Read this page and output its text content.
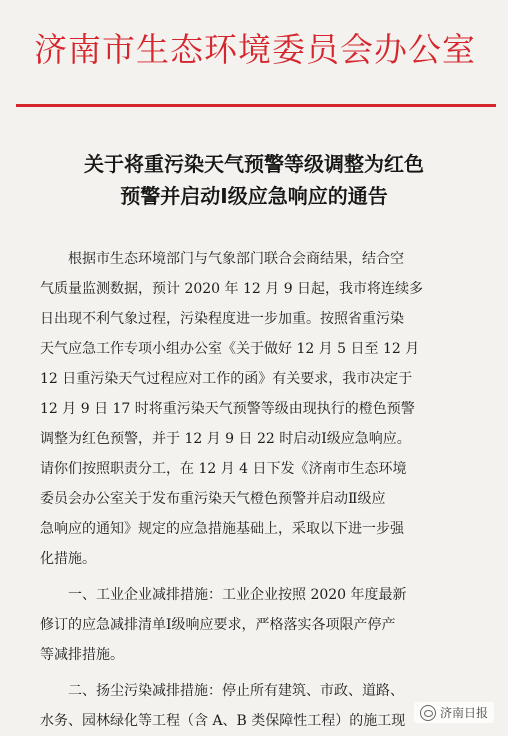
济南市生态环境委员会办公室
关于将重污染天气预警等级调整为红色
预警并启动Ⅰ级应急响应的通告
根据市生态环境部门与气象部门联合会商结果，结合空
气质量监测数据，预计 2020 年 12 月 9 日起，我市将连续多
日出现不利气象过程，污染程度进一步加重。按照省重污染
天气应急工作专项小组办公室《关于做好 12 月 5 日至 12 月
12 日重污染天气过程应对工作的函》有关要求，我市决定于
12 月 9 日 17 时将重污染天气预警等级由现执行的橙色预警
调整为红色预警，并于 12 月 9 日 22 时启动Ⅰ级应急响应。
请你们按照职责分工，在 12 月 4 日下发《济南市生态环境
委员会办公室关于发布重污染天气橙色预警并启动Ⅱ级应
急响应的通知》规定的应急措施基础上，采取以下进一步强
化措施。
一、工业企业减排措施：工业企业按照 2020 年度最新
修订的应急减排清单Ⅰ级响应要求，严格落实各项限产停产
等减排措施。
二、扬尘污染减排措施：停止所有建筑、市政、道路、
水务、园林绿化等工程（含 A、B 类保障性工程）的施工现	济南日报
